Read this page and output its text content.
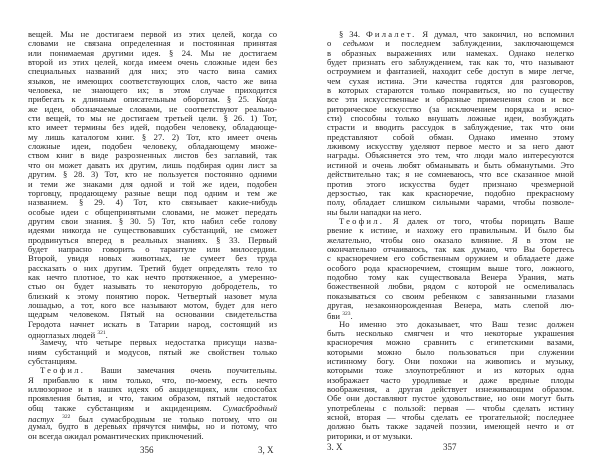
вещей. Мы не достигаем первой из этих целей, когда со
словами не связана определенная и постоянная принятая
или понимаемая другими идея. § 24. Мы не достигаем
второй из этих целей, когда имеем очень сложные идеи без
специальных названий для них; это часто вина самих
языков, не имеющих соответствующих слов, часто же вина
человека, не знающего их; в этом случае приходится
прибегать к длинным описательным оборотам. § 25. Когда
же идеи, обозначаемые словами, не соответствуют реально-
сти вещей, то мы не достигаем третьей цели. § 26. 1) Тот,
кто имеет термины без идей, подобен человеку, обладающе-
му лишь каталогом книг. § 27. 2) Тот, кто имеет очень
сложные идеи, подобен человеку, обладающему множе-
ством книг в виде разрозненных листов без заглавий, так
что он может давать их другим, лишь подбирая один лист за
другим. § 28. 3) Тот, кто не пользуется постоянно одними
и теми же знаками для одной и той же идеи, подобен
торговцу, продающему разные вещи под одним и тем же
названием. § 29. 4) Тот, кто связывает какие-нибудь
особые идеи с общепринятыми словами, не может передать
другим свои знания. § 30. 5) Тот, кто набил себе голову
идеями никогда не существовавших субстанций, не сможет
продвинуться вперед в реальных знаниях. § 33. Первый
будет напрасно говорить о тарантуле или милосердии.
Второй, увидя новых животных, не сумеет без труда
рассказать о них другим. Третий будет определять тело то
как нечто плотное, то как нечто протяженное, а умеренно-
стью он будет называть то некоторую добродетель, то
близкий к этому понятию порок. Четвертый назовет мула
лошадью, а тот, кого все называют мотом, будет для него
щедрым человеком. Пятый на основании свидетельства
Геродота начнет искать в Татарии народ, состоящий из
одноглазых людей $^{321}$.
Замечу, что четыре первых недостатка присущи назва-
ниям субстанций и модусов, пятый же свойствен только
субстанциям.
Теофил. Ваши замечания очень поучительны.
Я прибавлю к ним только, что, по-моему, есть нечто
иллюзорное и в наших идеях об акциденциях, или способах
проявления бытия, и что, таким образом, пятый недостаток
общ также субстанциям и акциденциям. Сумасбродный
пастух $^{322}$ был сумасбродным не только потому, что он
думал, будто в деревьях прячутся нимфы, но и потому, что
он всегда ожидал романтических приключений.
§ 34. Филалет. Я думал, что закончил, но вспомнил
о седьмом и последнем заблуждении, заключающемся
в образных выражениях или намеках. Однако нелегко
будет признать его заблуждением, так как то, что называют
остроумием и фантазией, находит себе доступ в мире легче,
чем сухая истина. Эти качества годятся для разговоров,
в которых стараются только понравиться, но по существу
все эти искусственные и образные применения слов и все
риторическое искусство (за исключением порядка и ясно-
сти) способны только внушать ложные идеи, возбуждать
страсти и вводить рассудок в заблуждение, так что они
представляют собой обман. Однако именно этому
лживому искусству уделяют первое место и за него дают
награды. Объясняется это тем, что люди мало интересуются
истиной и очень любят обманывать и быть обманутыми. Это
действительно так; я не сомневаюсь, что все сказанное мной
против этого искусства будет признано чрезмерной
дерзостью, так как красноречие, подобно прекрасному
полу, обладает слишком сильными чарами, чтобы позволе-
ны были нападки на него.
Теофил. Я далек от того, чтобы порицать Ваше
рвение к истине, и нахожу его правильным. И было бы
желательно, чтобы оно оказало влияние. Я в этом не
окончательно отчаиваюсь, так как думаю, что Вы боретесь
с красноречием его собственным оружием и обладаете даже
особого рода красноречием, стоящим выше того, ложного,
подобно тому как существовала Венера Урания, мать
божественной любви, рядом с которой не осмеливалась
показываться со своим ребенком с завязанными глазами
другая, незаконнорожденная Венера, мать слепой лю-
бви $^{323}$.
Но именно это доказывает, что Ваш тезис должен
быть несколько смягчен и что некоторые украшения
красноречия можно сравнить с египетскими вазами,
которыми можно было пользоваться при служении
истинному богу. Они похожи на живопись и музыку,
которыми тоже злоупотребляют и из которых одна
изображает часто уродливые и даже вредные плоды
воображения, а другая действует изнеживающим образом.
Обе они доставляют пустое удовольствие, но они могут быть
употреблены с пользой: первая — чтобы сделать истину
ясной, вторая — чтобы сделать ее трогательной; последнее
должно быть также задачей поэзии, имеющей нечто и от
риторики, и от музыки.
356	3, X	3. X	357
